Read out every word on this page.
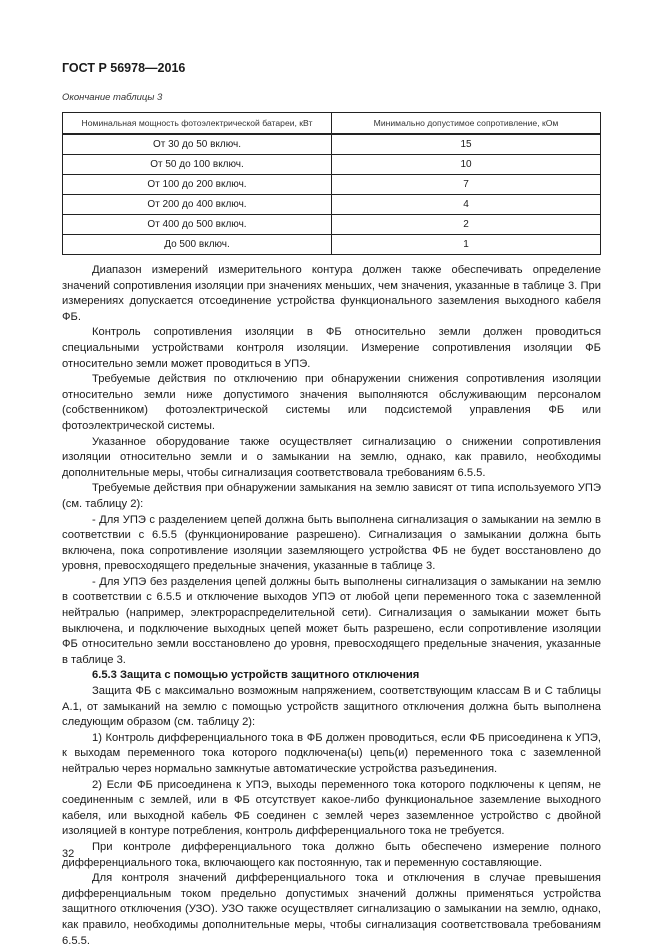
ГОСТ Р 56978—2016
Окончание таблицы 3
Номинальная мощность фотоэлектрической батареи, кВт	Минимально допустимое сопротивление, кОм
От 30 до 50 включ.	15
От 50 до 100 включ.	10
От 100 до 200 включ.	7
От 200 до 400 включ.	4
От 400 до 500 включ.	2
До 500 включ.	1

Диапазон измерений измерительного контура должен также обеспечивать определение значений сопротивления изоляции при значениях меньших, чем значения, указанные в таблице 3. При измерениях допускается отсоединение устройства функционального заземления выходного кабеля ФБ.

Контроль сопротивления изоляции в ФБ относительно земли должен проводиться специальными устройствами контроля изоляции. Измерение сопротивления изоляции ФБ относительно земли может проводиться в УПЭ.

Требуемые действия по отключению при обнаружении снижения сопротивления изоляции относительно земли ниже допустимого значения выполняются обслуживающим персоналом (собственником) фотоэлектрической системы или подсистемой управления ФБ или фотоэлектрической системы.

Указанное оборудование также осуществляет сигнализацию о снижении сопротивления изоляции относительно земли и о замыкании на землю, однако, как правило, необходимы дополнительные меры, чтобы сигнализация соответствовала требованиям 6.5.5.

Требуемые действия при обнаружении замыкания на землю зависят от типа используемого УПЭ (см. таблицу 2):

- Для УПЭ с разделением цепей должна быть выполнена сигнализация о замыкании на землю в соответствии с 6.5.5 (функционирование разрешено). Сигнализация о замыкании должна быть включена, пока сопротивление изоляции заземляющего устройства ФБ не будет восстановлено до уровня, превосходящего предельные значения, указанные в таблице 3.

- Для УПЭ без разделения цепей должны быть выполнены сигнализация о замыкании на землю в соответствии с 6.5.5 и отключение выходов УПЭ от любой цепи переменного тока с заземленной нейтралью (например, электрораспределительной сети). Сигнализация о замыкании может быть выключена, и подключение выходных цепей может быть разрешено, если сопротивление изоляции ФБ относительно земли восстановлено до уровня, превосходящего предельные значения, указанные в таблице 3.

6.5.3 Защита с помощью устройств защитного отключения

Защита ФБ с максимально возможным напряжением, соответствующим классам В и С таблицы А.1, от замыканий на землю с помощью устройств защитного отключения должна быть выполнена следующим образом (см. таблицу 2):

1) Контроль дифференциального тока в ФБ должен проводиться, если ФБ присоединена к УПЭ, к выходам переменного тока которого подключена(ы) цепь(и) переменного тока с заземленной нейтралью через нормально замкнутые автоматические устройства разъединения.

2) Если ФБ присоединена к УПЭ, выходы переменного тока которого подключены к цепям, не соединенным с землей, или в ФБ отсутствует какое-либо функциональное заземление выходного кабеля, или выходной кабель ФБ соединен с землей через заземленное устройство с двойной изоляцией в контуре потребления, контроль дифференциального тока не требуется.

При контроле дифференциального тока должно быть обеспечено измерение полного дифференциального тока, включающего как постоянную, так и переменную составляющие.

Для контроля значений дифференциального тока и отключения в случае превышения дифференциальным током предельно допустимых значений должны применяться устройства защитного отключения (УЗО). УЗО также осуществляет сигнализацию о замыкании на землю, однако, как правило, необходимы дополнительные меры, чтобы сигнализация соответствовала требованиям 6.5.5.

32
